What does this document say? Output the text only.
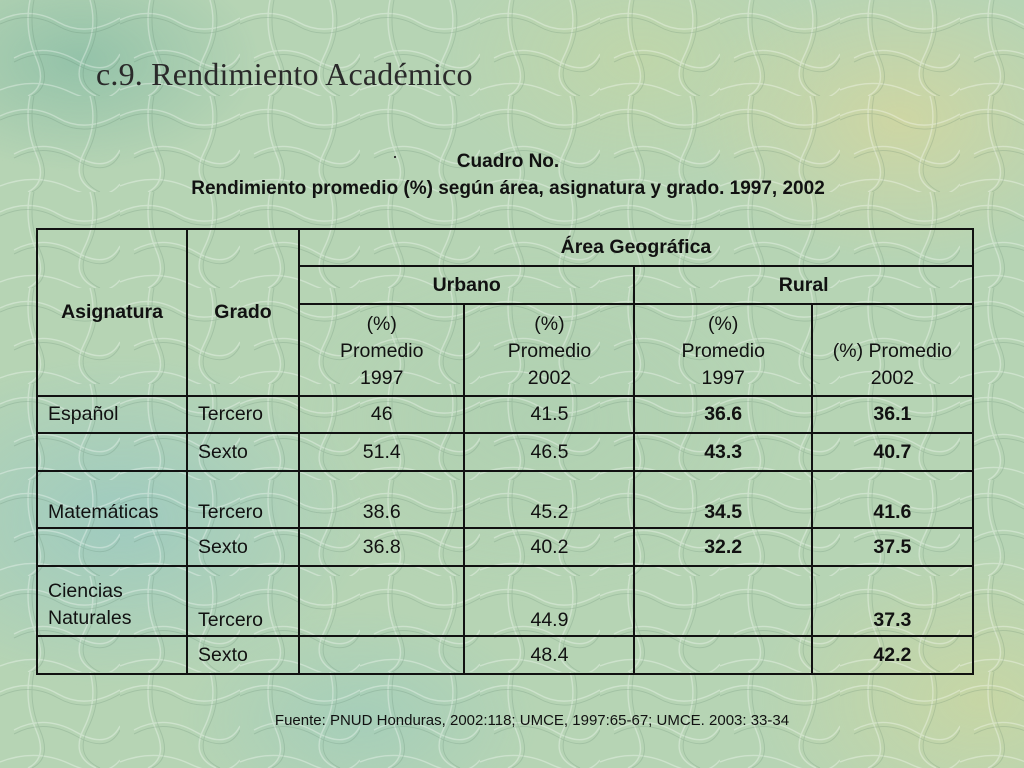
c.9. Rendimiento Académico
Cuadro No.
Rendimiento promedio (%) según área, asignatura y grado. 1997, 2002
Asignatura	Grado	Área Geográfica			
		Urbano		Rural	
		(%) Promedio 1997	(%) Promedio 2002	(%) Promedio 1997	(%) Promedio 2002
Español	Tercero	46	41.5	36.6	36.1
	Sexto	51.4	46.5	43.3	40.7
Matemáticas	Tercero	38.6	45.2	34.5	41.6
	Sexto	36.8	40.2	32.2	37.5
Ciencias Naturales	Tercero		44.9		37.3
	Sexto		48.4		42.2
Fuente: PNUD Honduras, 2002:118; UMCE, 1997:65-67; UMCE. 2003: 33-34
